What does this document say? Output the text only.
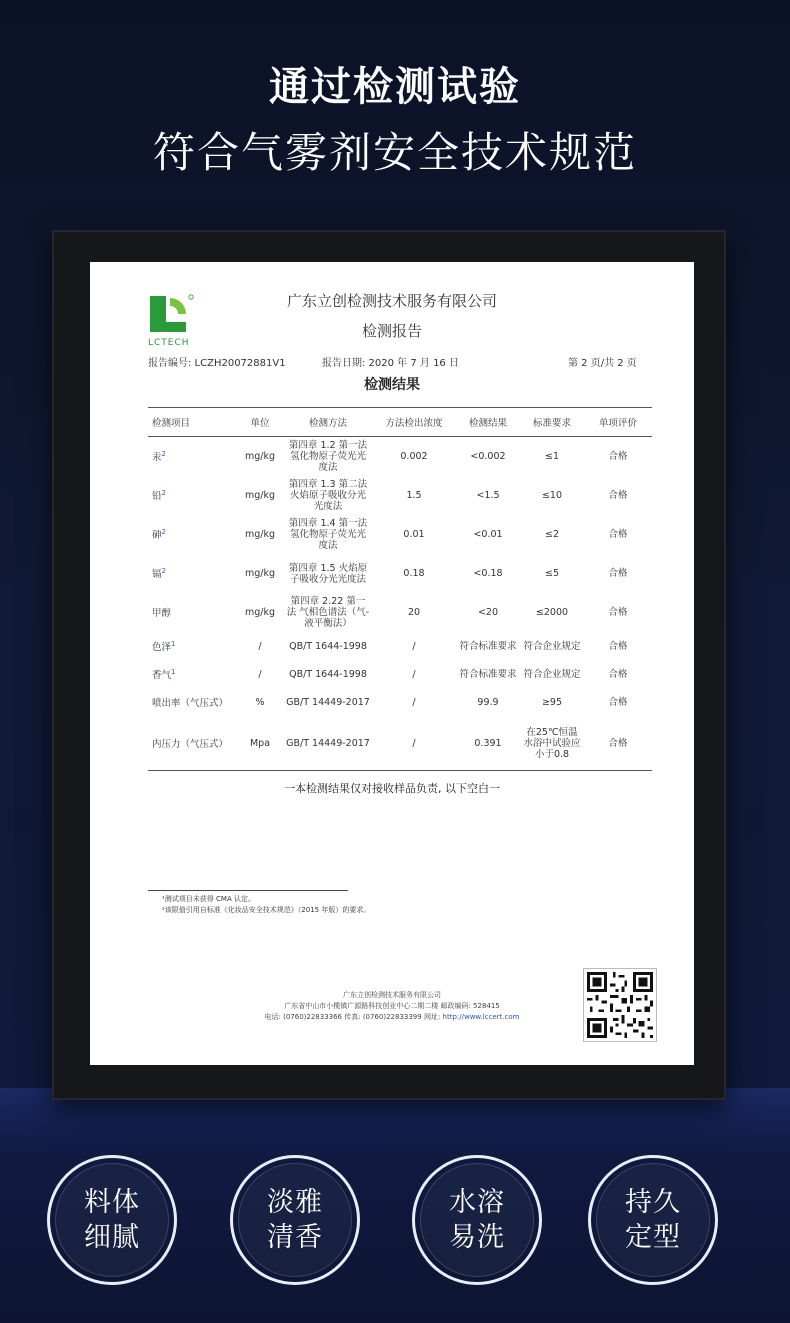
通过检测试验
符合气雾剂安全技术规范
LCTECH
广东立创检测技术服务有限公司
检测报告
报告编号: LCZH20072881V1	报告日期: 2020 年 7 月 16 日	第 2 页/共 2 页
检测结果
检测项目	单位	检测方法	方法检出浓度	检测结果	标准要求	单项评价
汞$^2$	mg/kg	第四章 1.2 第一法 氢化物原子荧光光度法	0.002	<0.002	≤1	合格
铅$^2$	mg/kg	第四章 1.3 第二法 火焰原子吸收分光光度法	1.5	<1.5	≤10	合格
砷$^2$	mg/kg	第四章 1.4 第一法 氢化物原子荧光光度法	0.01	<0.01	≤2	合格
镉$^2$	mg/kg	第四章 1.5 火焰原子吸收分光光度法	0.18	<0.18	≤5	合格
甲醇	mg/kg	第四章 2.22 第一法 气相色谱法（气-液平衡法）	20	<20	≤2000	合格
色泽$^1$	/	QB/T 1644-1998	/	符合标准要求	符合企业规定	合格
香气$^1$	/	QB/T 1644-1998	/	符合标准要求	符合企业规定	合格
喷出率（气压式）	%	GB/T 14449-2017	/	99.9	≥95	合格
内压力（气压式）	Mpa	GB/T 14449-2017	/	0.391	在25℃恒温水浴中试验应小于0.8	合格
一本检测结果仅对接收样品负责, 以下空白一
¹测试项目未获得 CMA 认定。
²该限值引用自标准《化妆品安全技术规范》（2015 年版）的要求。
广东立创检测技术服务有限公司
广东省中山市小榄镇广源路科技创业中心二期二楼 邮政编码: 528415
电话: (0760)22833366 传真: (0760)22833399 网址: http://www.lccert.com
料体
细腻
淡雅
清香
水溶
易洗
持久
定型
